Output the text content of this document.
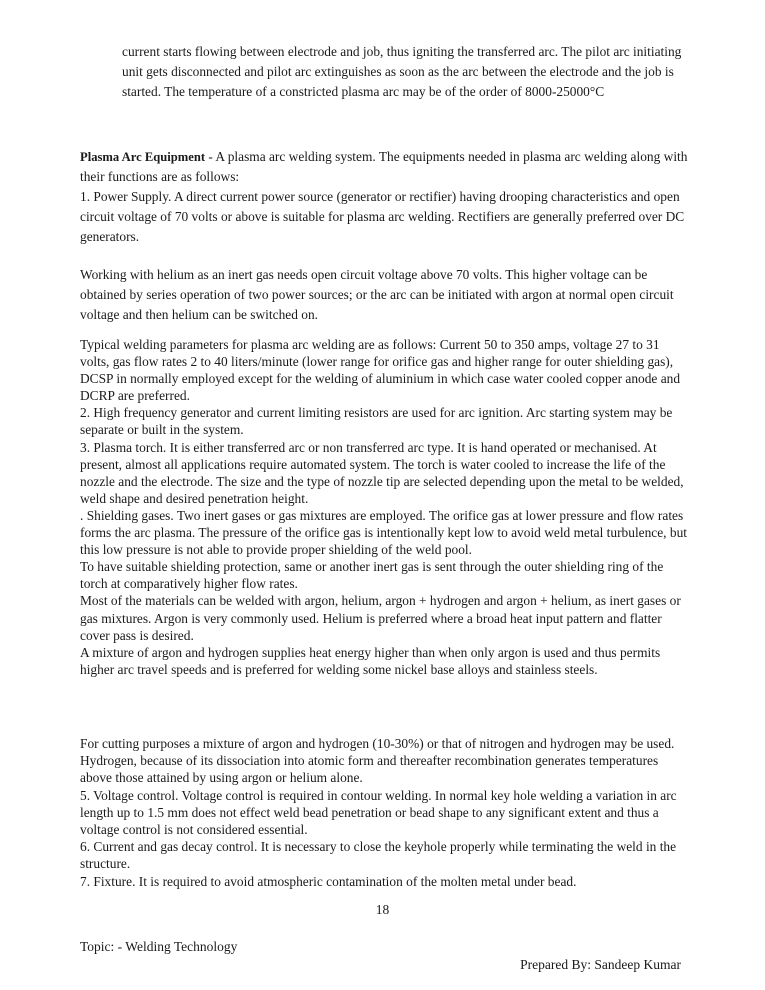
current starts flowing between electrode and job, thus igniting the transferred arc. The pilot arc initiating unit gets disconnected and pilot arc extinguishes as soon as the arc between the electrode and the job is started. The temperature of a constricted plasma arc may be of the order of 8000-25000°C

Plasma Arc Equipment - A plasma arc welding system. The equipments needed in plasma arc welding along with their functions are as follows:

1. Power Supply. A direct current power source (generator or rectifier) having drooping characteristics and open circuit voltage of 70 volts or above is suitable for plasma arc welding. Rectifiers are generally preferred over DC generators.

Working with helium as an inert gas needs open circuit voltage above 70 volts. This higher voltage can be obtained by series operation of two power sources; or the arc can be initiated with argon at normal open circuit voltage and then helium can be switched on.

Typical welding parameters for plasma arc welding are as follows: Current 50 to 350 amps, voltage 27 to 31 volts, gas flow rates 2 to 40 liters/minute (lower range for orifice gas and higher range for outer shielding gas), DCSP in normally employed except for the welding of aluminium in which case water cooled copper anode and DCRP are preferred.

2. High frequency generator and current limiting resistors are used for arc ignition. Arc starting system may be separate or built in the system.

3. Plasma torch. It is either transferred arc or non transferred arc type. It is hand operated or mechanised. At present, almost all applications require automated system. The torch is water cooled to increase the life of the nozzle and the electrode. The size and the type of nozzle tip are selected depending upon the metal to be welded, weld shape and desired penetration height.

. Shielding gases. Two inert gases or gas mixtures are employed. The orifice gas at lower pressure and flow rates forms the arc plasma. The pressure of the orifice gas is intentionally kept low to avoid weld metal turbulence, but this low pressure is not able to provide proper shielding of the weld pool.

To have suitable shielding protection, same or another inert gas is sent through the outer shielding ring of the torch at comparatively higher flow rates.

Most of the materials can be welded with argon, helium, argon + hydrogen and argon + helium, as inert gases or gas mixtures. Argon is very commonly used. Helium is preferred where a broad heat input pattern and flatter cover pass is desired.

A mixture of argon and hydrogen supplies heat energy higher than when only argon is used and thus permits higher arc travel speeds and is preferred for welding some nickel base alloys and stainless steels.

For cutting purposes a mixture of argon and hydrogen (10-30%) or that of nitrogen and hydrogen may be used. Hydrogen, because of its dissociation into atomic form and thereafter recombination generates temperatures above those attained by using argon or helium alone.

5. Voltage control. Voltage control is required in contour welding. In normal key hole welding a variation in arc length up to 1.5 mm does not effect weld bead penetration or bead shape to any significant extent and thus a voltage control is not considered essential.

6. Current and gas decay control. It is necessary to close the keyhole properly while terminating the weld in the structure.

7. Fixture. It is required to avoid atmospheric contamination of the molten metal under bead.

18
Topic: - Welding Technology
Prepared By: Sandeep Kumar
